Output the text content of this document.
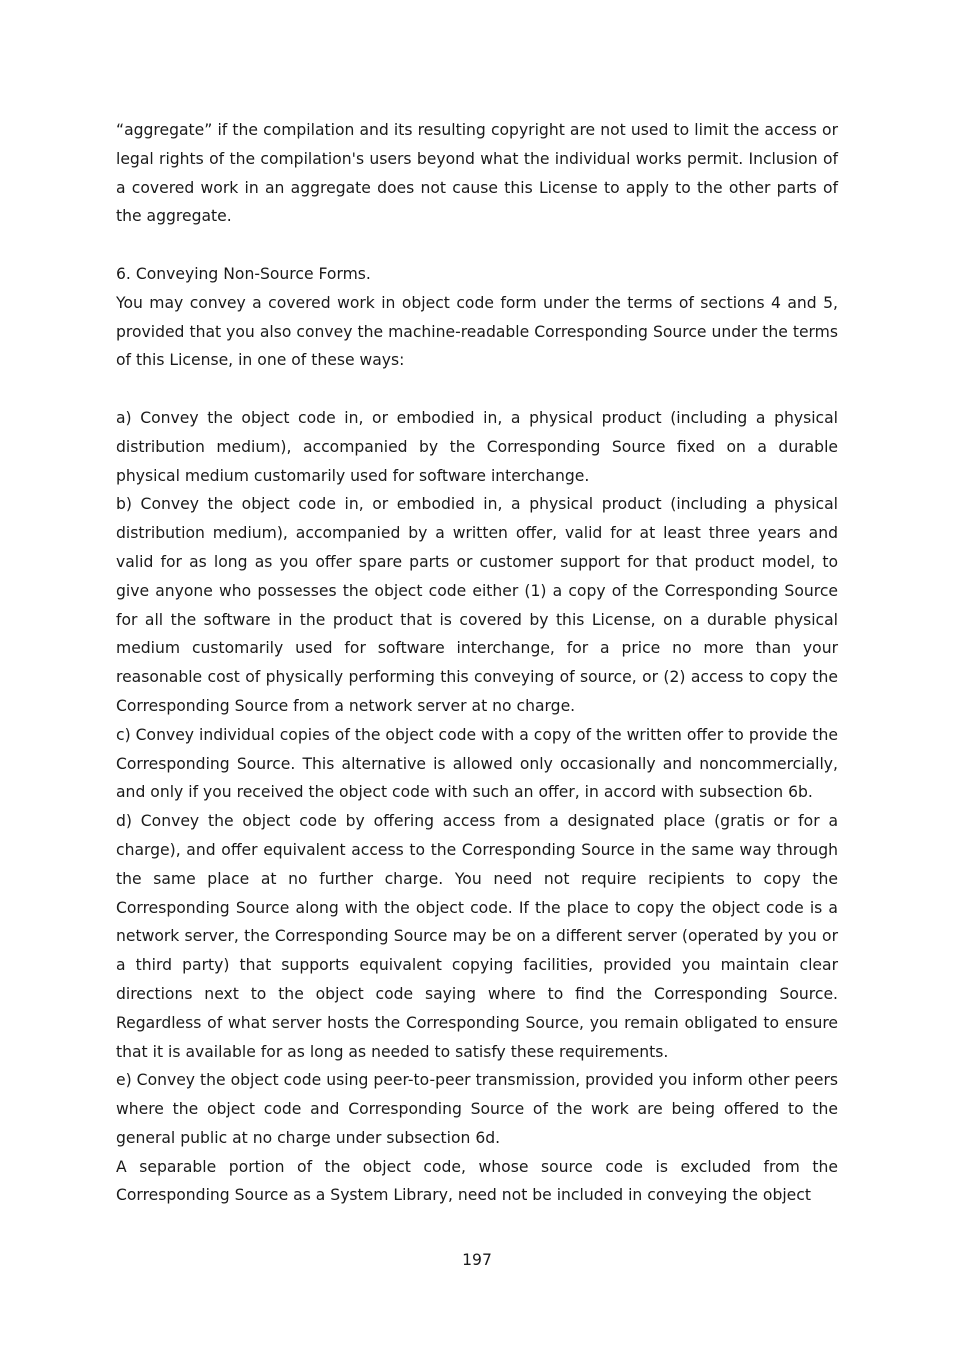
“aggregate” if the compilation and its resulting copyright are not used to limit the access or legal rights of the compilation's users beyond what the individual works permit. Inclusion of a covered work in an aggregate does not cause this License to apply to the other parts of the aggregate.

6. Conveying Non-Source Forms.

You may convey a covered work in object code form under the terms of sections 4 and 5, provided that you also convey the machine-readable Corresponding Source under the terms of this License, in one of these ways:

a) Convey the object code in, or embodied in, a physical product (including a physical distribution medium), accompanied by the Corresponding Source fixed on a durable physical medium customarily used for software interchange.

b) Convey the object code in, or embodied in, a physical product (including a physical distribution medium), accompanied by a written offer, valid for at least three years and valid for as long as you offer spare parts or customer support for that product model, to give anyone who possesses the object code either (1) a copy of the Corresponding Source for all the software in the product that is covered by this License, on a durable physical medium customarily used for software interchange, for a price no more than your reasonable cost of physically performing this conveying of source, or (2) access to copy the Corresponding Source from a network server at no charge.

c) Convey individual copies of the object code with a copy of the written offer to provide the Corresponding Source. This alternative is allowed only occasionally and noncommercially, and only if you received the object code with such an offer, in accord with subsection 6b.

d) Convey the object code by offering access from a designated place (gratis or for a charge), and offer equivalent access to the Corresponding Source in the same way through the same place at no further charge. You need not require recipients to copy the Corresponding Source along with the object code. If the place to copy the object code is a network server, the Corresponding Source may be on a different server (operated by you or a third party) that supports equivalent copying facilities, provided you maintain clear directions next to the object code saying where to find the Corresponding Source. Regardless of what server hosts the Corresponding Source, you remain obligated to ensure that it is available for as long as needed to satisfy these requirements.

e) Convey the object code using peer-to-peer transmission, provided you inform other peers where the object code and Corresponding Source of the work are being offered to the general public at no charge under subsection 6d.

A separable portion of the object code, whose source code is excluded from the Corresponding Source as a System Library, need not be included in conveying the object

197
